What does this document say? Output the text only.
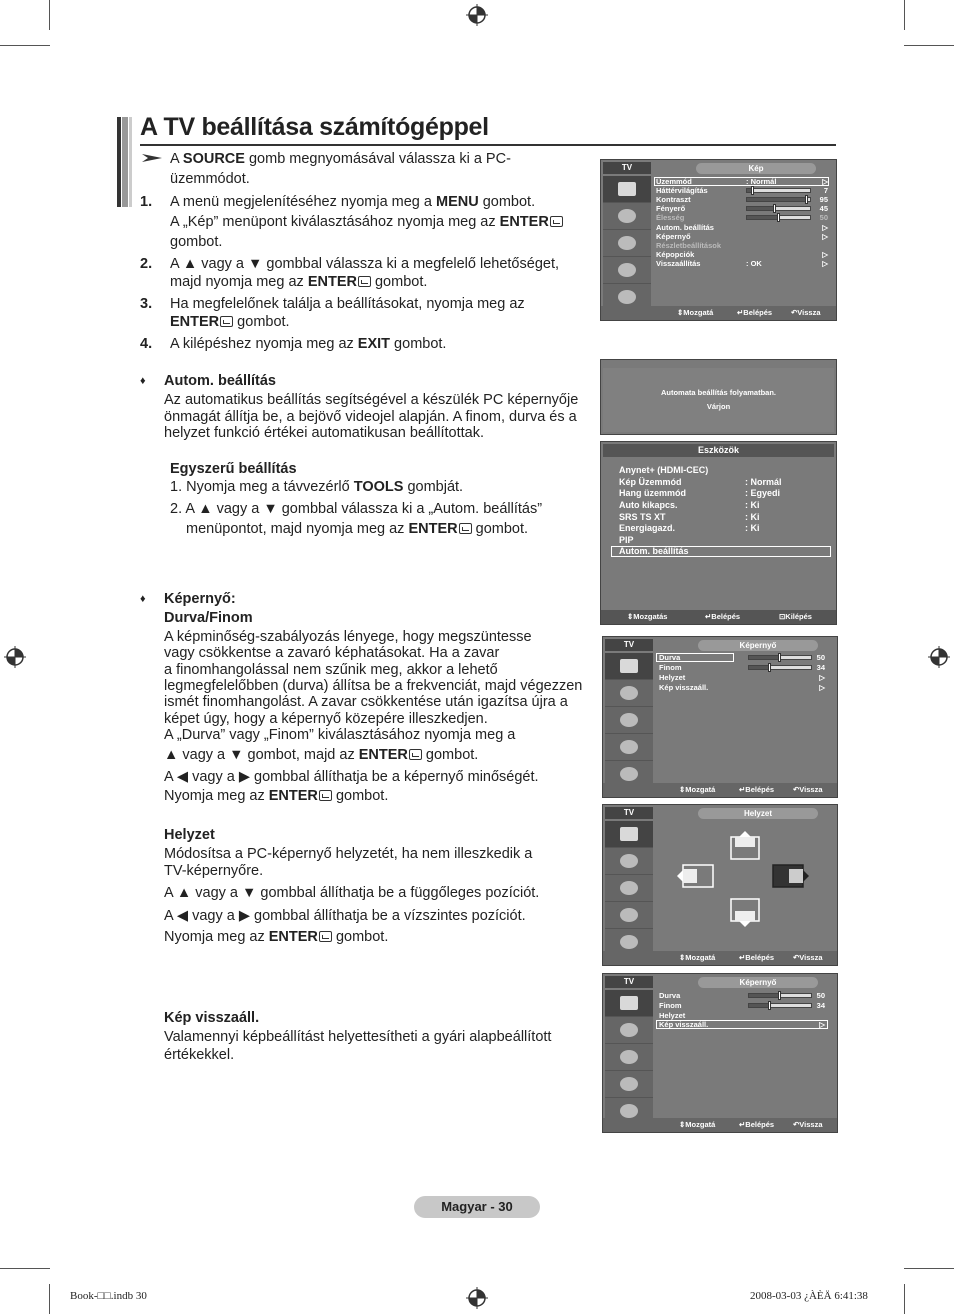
A TV beállítása számítógéppel
A SOURCE gomb megnyomásával válassza ki a PC-
üzemmódot.
1. A menü megjelenítéséhez nyomja meg a MENU gombot.
A „Kép” menüpont kiválasztásához nyomja meg az ENTER
gombot.
2. A ▲ vagy a ▼ gombbal válassza ki a megfelelő lehetőséget,
majd nyomja meg az ENTER gombot.
3. Ha megfelelőnek találja a beállításokat, nyomja meg az
ENTER gombot.
4. A kilépéshez nyomja meg az EXIT gombot.
♦ Autom. beállítás
Az automatikus beállítás segítségével a készülék PC képernyője
önmagát állítja be, a bejövő videojel alapján. A finom, durva és a
helyzet funkció értékei automatikusan beállítottak.
Egyszerű beállítás
1. Nyomja meg a távvezérlő TOOLS gombját.
2. A ▲ vagy a ▼ gombbal válassza ki a „Autom. beállítás”
menüpontot, majd nyomja meg az ENTER gombot.
♦ Képernyő:
Durva/Finom
A képminőség-szabályozás lényege, hogy megszüntesse
vagy csökkentse a zavaró képhatásokat. Ha a zavar
a finomhangolással nem szűnik meg, akkor a lehető
legmegfelelőbben (durva) állítsa be a frekvenciát, majd végezzen
ismét finomhangolást. A zavar csökkentése után igazítsa újra a
képet úgy, hogy a képernyő közepére illeszkedjen.
A „Durva” vagy „Finom” kiválasztásához nyomja meg a
▲ vagy a ▼ gombot, majd az ENTER gombot.
A ◀ vagy a ▶ gombbal állíthatja be a képernyő minőségét.
Nyomja meg az ENTER gombot.
Helyzet
Módosítsa a PC-képernyő helyzetét, ha nem illeszkedik a
TV-képernyőre.
A ▲ vagy a ▼ gombbal állíthatja be a függőleges pozíciót.
A ◀ vagy a ▶ gombbal állíthatja be a vízszintes pozíciót.
Nyomja meg az ENTER gombot.
Kép visszaáll.
Valamennyi képbeállítást helyettesítheti a gyári alapbeállított
értékekkel.
TV	Kép
Üzemmód	: Normál	▷
Háttérvilágítás	7
Kontraszt	95
Fényerő	45
Élesség	50
Autom. beállítás	▷
Képernyő	▷
Részletbeállítások
Képopciók	▷
Visszaállítás	: OK	▷
⇕ Mozgatá	↵ Belépés	↶ Vissza
Automata beállítás folyamatban.
Várjon
Eszközök
Anynet+ (HDMI-CEC)
Kép Üzemmód	: Normál
Hang üzemmód	: Egyedi
Auto kikapcs.	: Ki
SRS TS XT	: Ki
Energiagazd.	: Ki
PIP
Autom. beállítás
⇕ Mozgatás	↵ Belépés	⊡ Kilépés
TV	Képernyő
Durva	50
Finom	34
Helyzet	▷
Kép visszaáll.	▷
⇕ Mozgatá	↵ Belépés	↶ Vissza
TV	Helyzet
⇕ Mozgatá	↵ Belépés	↶ Vissza
TV	Képernyő
Durva	50
Finom	34
Helyzet
Kép visszaáll.	▷
⇕ Mozgatá	↵ Belépés	↶ Vissza
Magyar - 30
Book-□□.indb 30	2008-03-03 ¿ÀÈÄ 6:41:38
